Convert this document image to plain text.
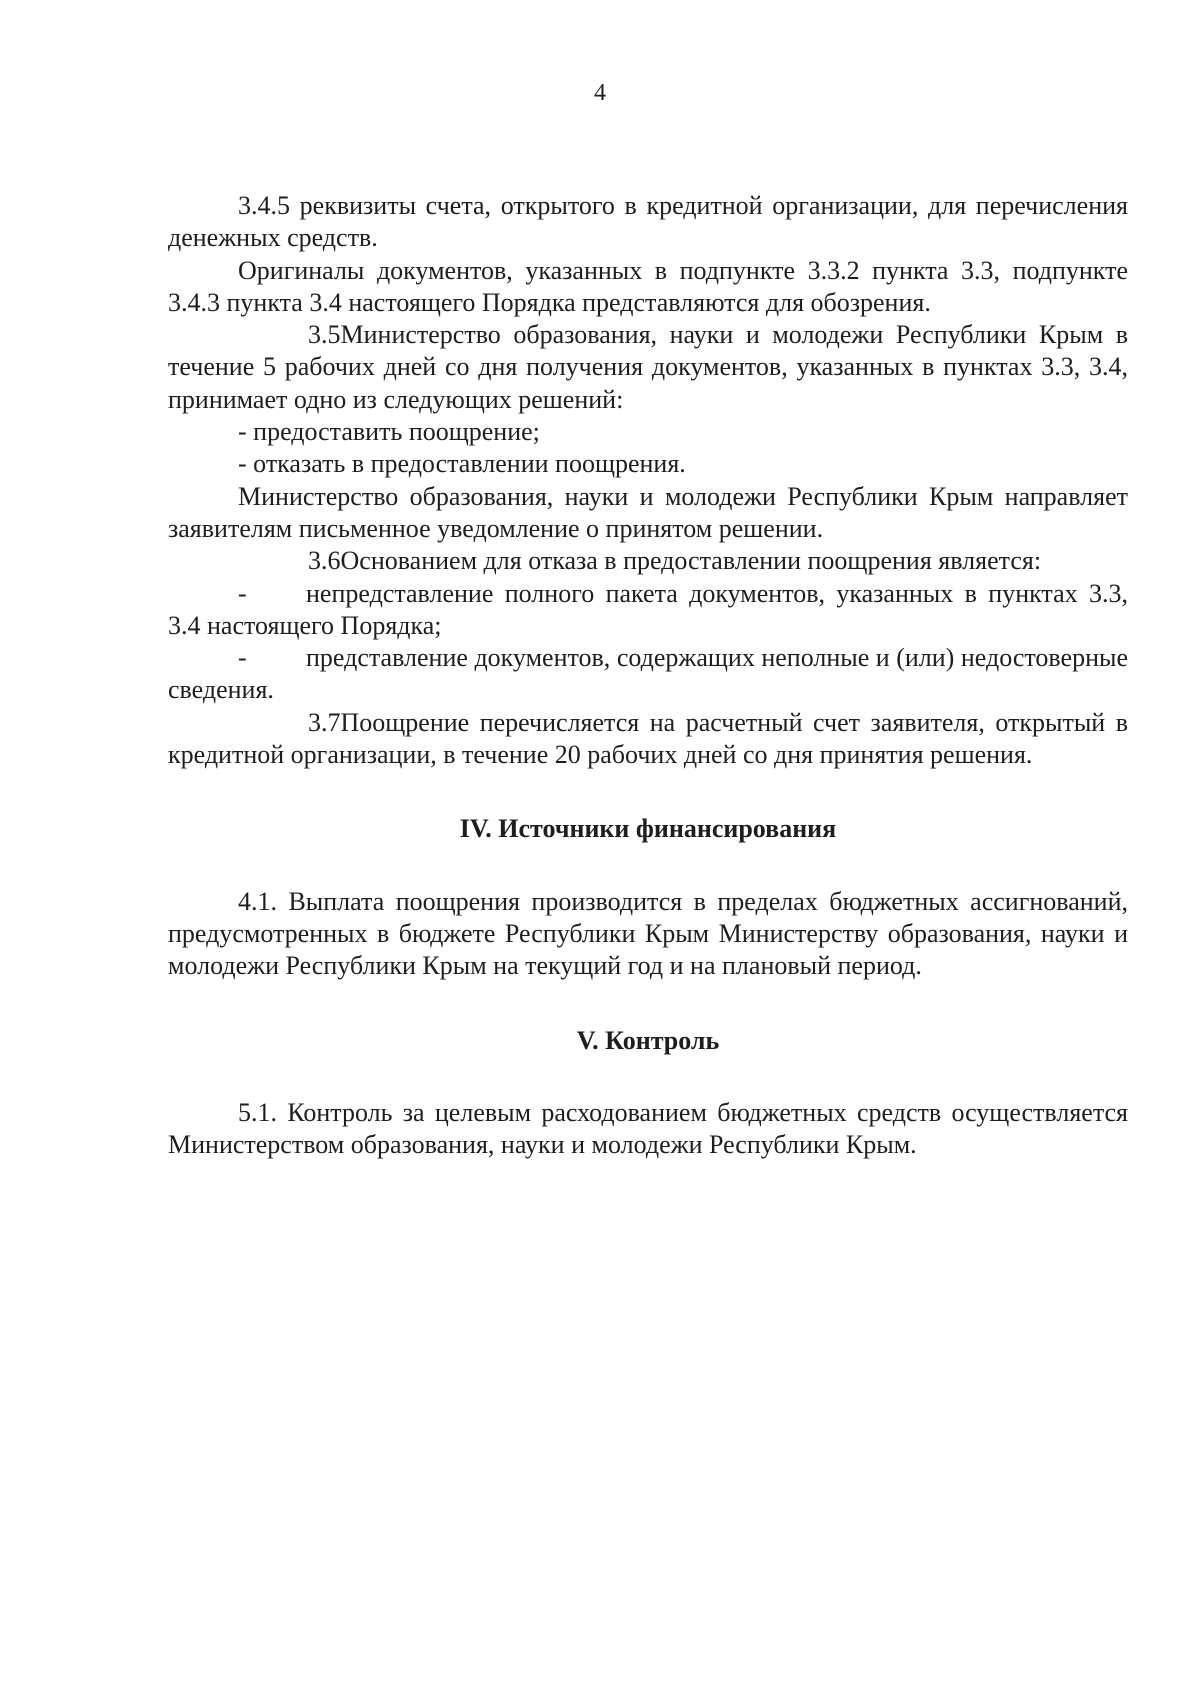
4

3.4.5 реквизиты счета, открытого в кредитной организации, для перечисления денежных средств.

Оригиналы документов, указанных в подпункте 3.3.2 пункта 3.3, подпункте 3.4.3 пункта 3.4 настоящего Порядка представляются для обозрения.

3.5Министерство образования, науки и молодежи Республики Крым в течение 5 рабочих дней со дня получения документов, указанных в пунктах 3.3, 3.4, принимает одно из следующих решений:

- предоставить поощрение;

- отказать в предоставлении поощрения.

Министерство образования, науки и молодежи Республики Крым направляет заявителям письменное уведомление о принятом решении.

3.6Основанием для отказа в предоставлении поощрения является:

- непредставление полного пакета документов, указанных в пунктах 3.3, 3.4 настоящего Порядка;

- представление документов, содержащих неполные и (или) недостоверные сведения.

3.7Поощрение перечисляется на расчетный счет заявителя, открытый в кредитной организации, в течение 20 рабочих дней со дня принятия решения.

IV. Источники финансирования

4.1. Выплата поощрения производится в пределах бюджетных ассигнований, предусмотренных в бюджете Республики Крым Министерству образования, науки и молодежи Республики Крым на текущий год и на плановый период.

V. Контроль

5.1. Контроль за целевым расходованием бюджетных средств осуществляется Министерством образования, науки и молодежи Республики Крым.
